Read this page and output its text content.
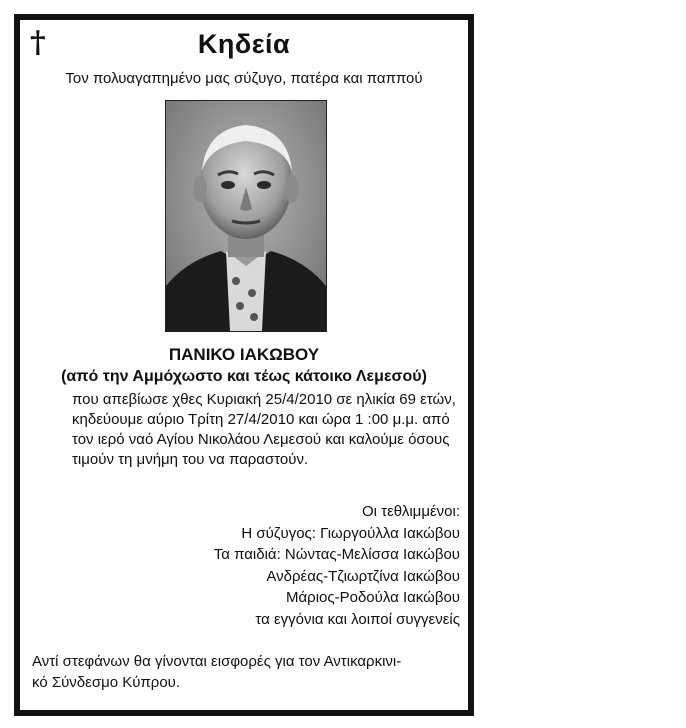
†	Κηδεία
Τον πολυαγαπημένο μας σύζυγο, πατέρα και παππού
ΠΑΝΙΚΟ ΙΑΚΩΒΟΥ
(από την Αμμόχωστο και τέως κάτοικο Λεμεσού)
που απεβίωσε χθες Κυριακή 25/4/2010 σε ηλικία 69 ετών,
κηδεύουμε αύριο Τρίτη 27/4/2010 και ώρα 1 :00 μ.μ. από
τον ιερό ναό Αγίου Νικολάου Λεμεσού και καλούμε όσους
τιμούν τη μνήμη του να παραστούν.
Οι τεθλιμμένοι:
Η σύζυγος: Γιωργούλλα Ιακώβου
Τα παιδιά: Νώντας-Μελίσσα Ιακώβου
Ανδρέας-Τζιωρτζίνα Ιακώβου
Μάριος-Ροδούλα Ιακώβου
τα εγγόνια και λοιποί συγγενείς
Αντί στεφάνων θα γίνονται εισφορές για τον Αντικαρκινι-
κό Σύνδεσμο Κύπρου.
